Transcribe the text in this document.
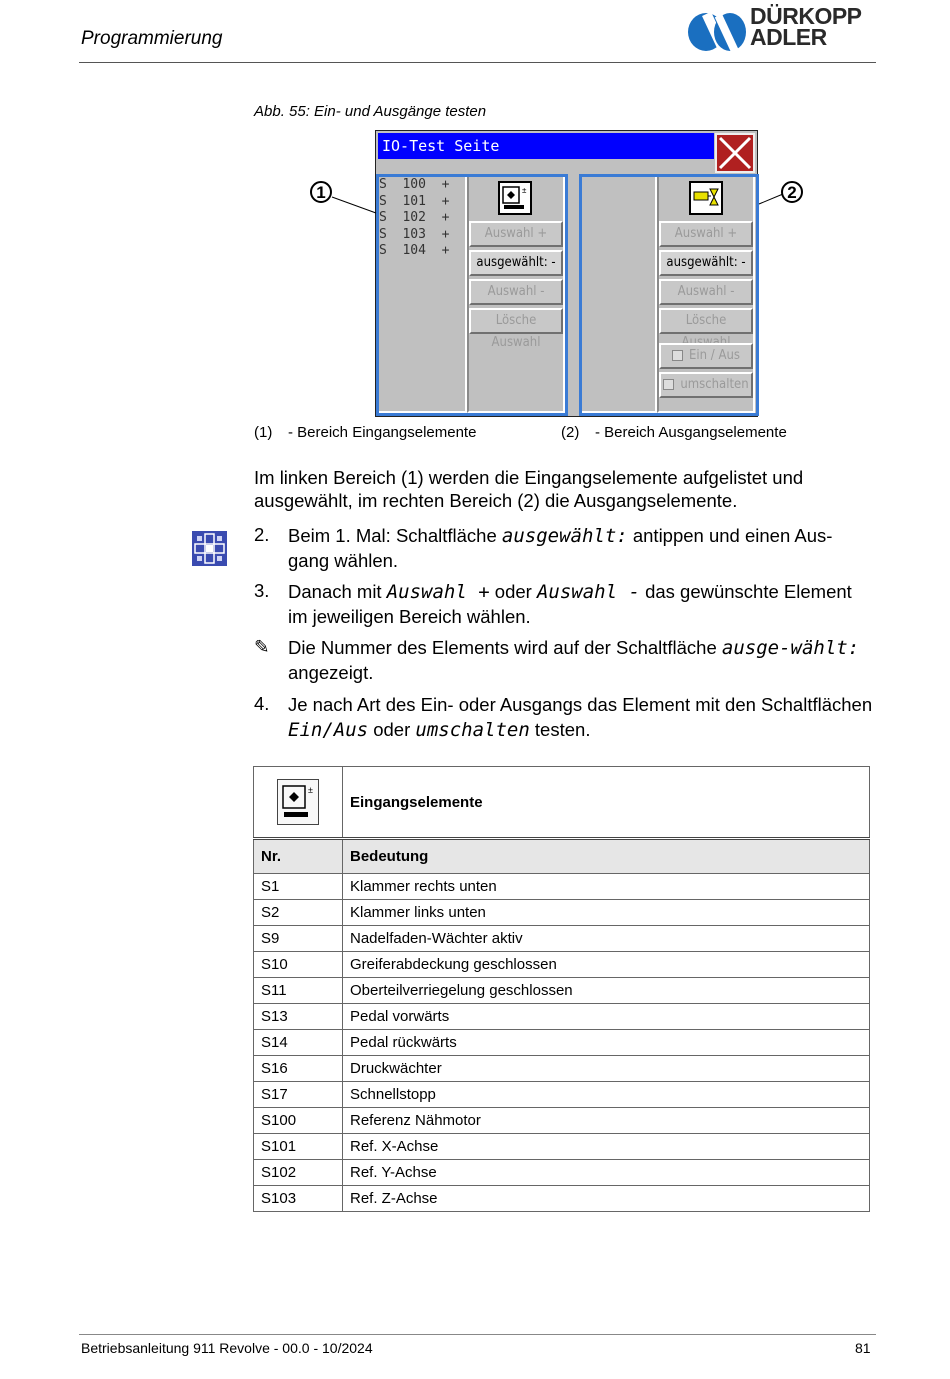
Programmierung
DÜRKOPP
ADLER
Abb. 55: Ein- und Ausgänge testen
IO-Test Seite
S  100  +
S  101  +
S  102  +
S  103  +
S  104  +
±
Auswahl +
ausgewählt: -
Auswahl -
Lösche Auswahl
Auswahl +
ausgewählt: -
Auswahl -
Lösche
Ein / Aus
umschalten
1	2
(1) - Bereich Eingangselemente	(2) - Bereich Ausgangselemente
Im linken Bereich (1) werden die Eingangselemente aufgelistet und ausgewählt, im rechten Bereich (2) die Ausgangselemente.
2. Beim 1. Mal: Schaltfläche ausgewählt: antippen und einen Aus-gang wählen.
3. Danach mit Auswahl + oder Auswahl - das gewünschte Element im jeweiligen Bereich wählen.
✎ Die Nummer des Elements wird auf der Schaltfläche ausge-wählt: angezeigt.
4. Je nach Art des Ein- oder Ausgangs das Element mit den Schaltflächen Ein/Aus oder umschalten testen.
±	Eingangselemente
Nr.	Bedeutung
S1	Klammer rechts unten
S2	Klammer links unten
S9	Nadelfaden-Wächter aktiv
S10	Greiferabdeckung geschlossen
S11	Oberteilverriegelung geschlossen
S13	Pedal vorwärts
S14	Pedal rückwärts
S16	Druckwächter
S17	Schnellstopp
S100	Referenz Nähmotor
S101	Ref. X-Achse
S102	Ref. Y-Achse
S103	Ref. Z-Achse
Betriebsanleitung 911 Revolve - 00.0 - 10/2024	81
